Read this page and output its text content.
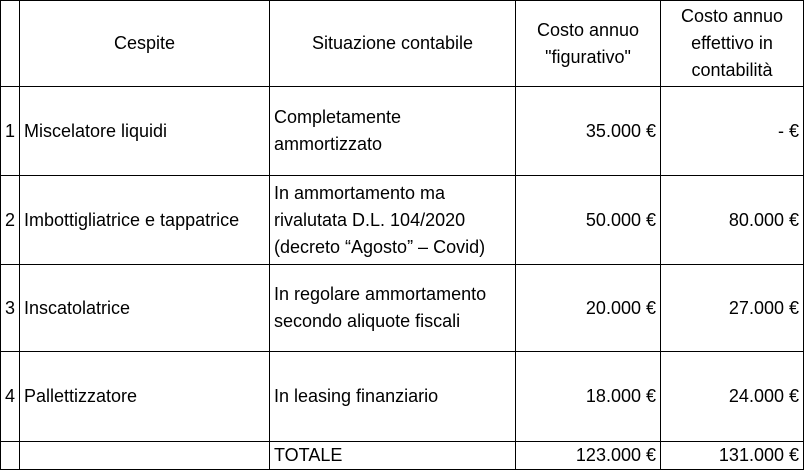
	Cespite	Situazione contabile	Costo annuo "figurativo"	Costo annuo effettivo in contabilità
1	Miscelatore liquidi	Completamente ammortizzato	35.000 €	- €
2	Imbottigliatrice e tappatrice	In ammortamento ma rivalutata D.L. 104/2020 (decreto “Agosto” – Covid)	50.000 €	80.000 €
3	Inscatolatrice	In regolare ammortamento secondo aliquote fiscali	20.000 €	27.000 €
4	Pallettizzatore	In leasing finanziario	18.000 €	24.000 €
		TOTALE	123.000 €	131.000 €
